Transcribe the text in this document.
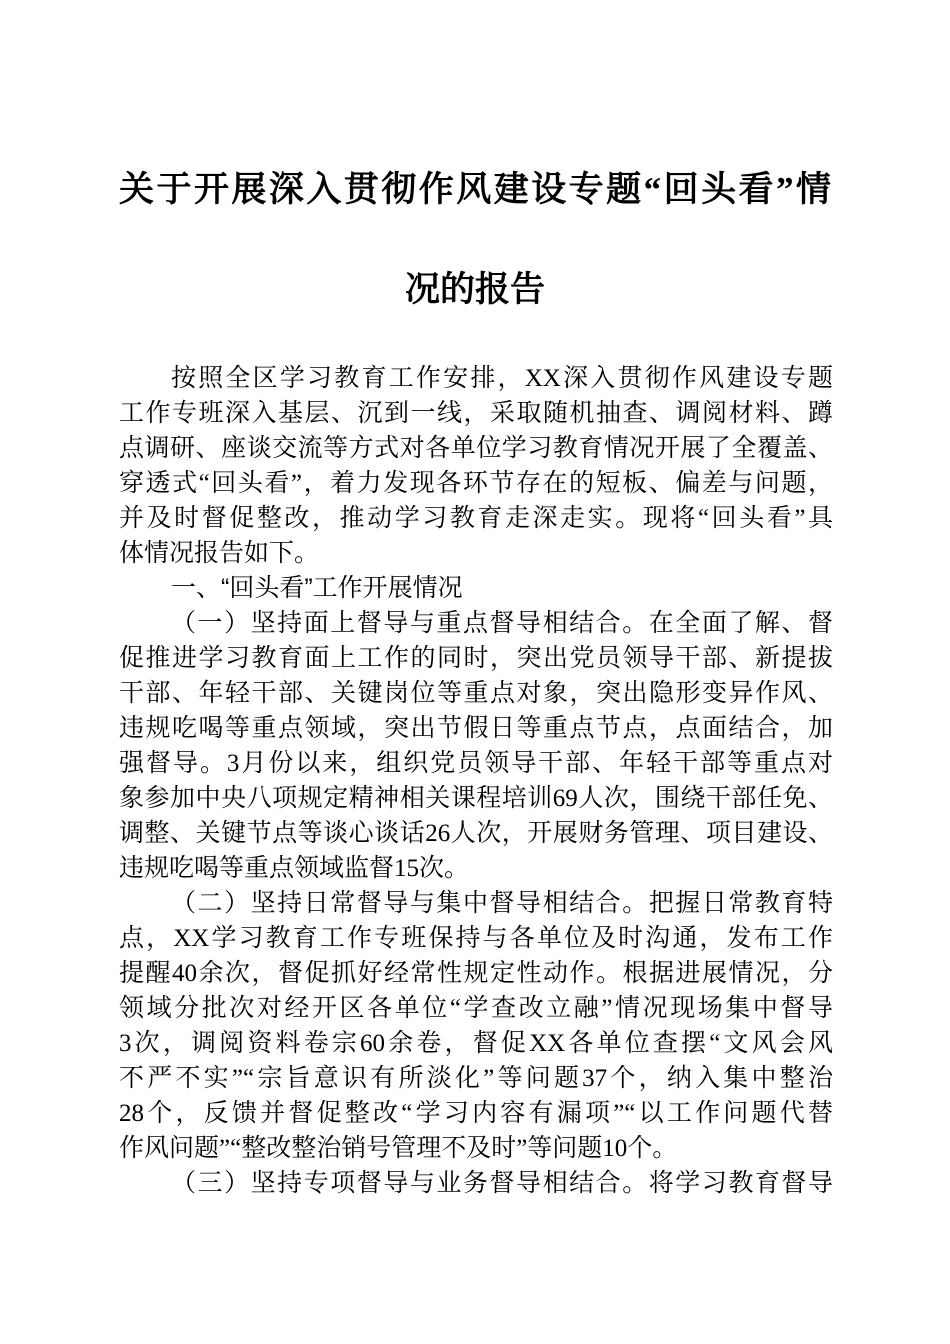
关于开展深入贯彻作风建设专题“回头看”情
况的报告
按照全区学习教育工作安排，XX深入贯彻作风建设专题
工作专班深入基层、沉到一线，采取随机抽查、调阅材料、蹲
点调研、座谈交流等方式对各单位学习教育情况开展了全覆盖、
穿透式“回头看”，着力发现各环节存在的短板、偏差与问题，
并及时督促整改，推动学习教育走深走实。现将“回头看”具
体情况报告如下。
一、“回头看”工作开展情况
（一）坚持面上督导与重点督导相结合。在全面了解、督
促推进学习教育面上工作的同时，突出党员领导干部、新提拔
干部、年轻干部、关键岗位等重点对象，突出隐形变异作风、
违规吃喝等重点领域，突出节假日等重点节点，点面结合，加
强督导。3月份以来，组织党员领导干部、年轻干部等重点对
象参加中央八项规定精神相关课程培训69人次，围绕干部任免、
调整、关键节点等谈心谈话26人次，开展财务管理、项目建设、
违规吃喝等重点领域监督15次。
（二）坚持日常督导与集中督导相结合。把握日常教育特
点，XX学习教育工作专班保持与各单位及时沟通，发布工作
提醒40余次，督促抓好经常性规定性动作。根据进展情况，分
领域分批次对经开区各单位“学查改立融”情况现场集中督导
3次，调阅资料卷宗60余卷，督促XX各单位查摆“文风会风
不严不实”“宗旨意识有所淡化”等问题37个，纳入集中整治
28个，反馈并督促整改“学习内容有漏项”“以工作问题代替
作风问题”“整改整治销号管理不及时”等问题10个。
（三）坚持专项督导与业务督导相结合。将学习教育督导
